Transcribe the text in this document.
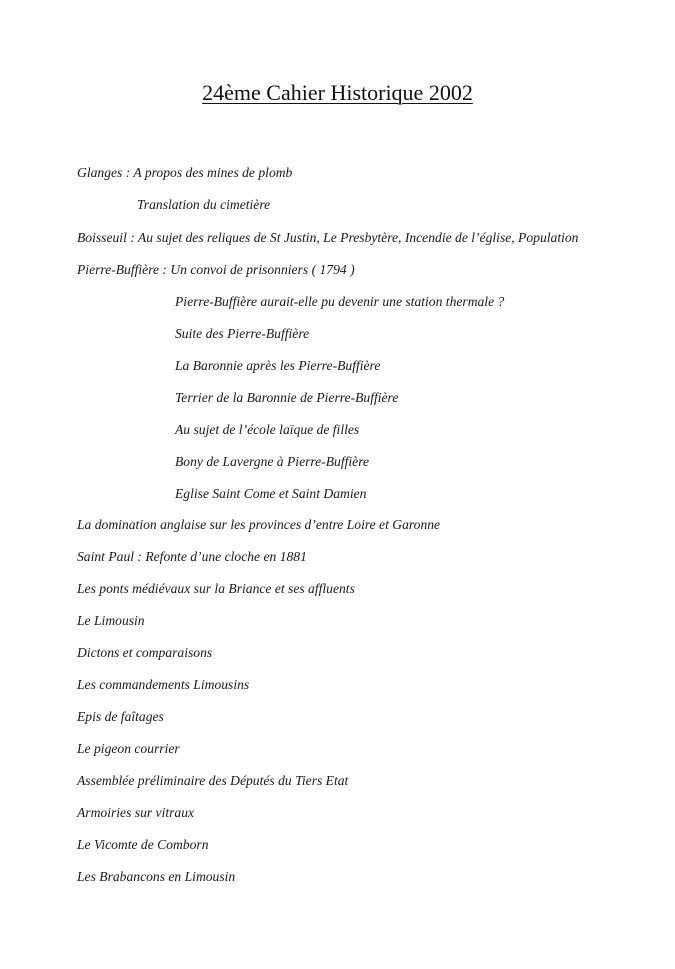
24ème Cahier Historique 2002
Glanges : A propos des mines de plomb
Translation du cimetière
Boisseuil : Au sujet des reliques de St Justin, Le Presbytère, Incendie de l’église, Population
Pierre-Buffière : Un convoi de prisonniers ( 1794 )
Pierre-Buffière aurait-elle pu devenir une station thermale ?
Suite des Pierre-Buffière
La Baronnie après les Pierre-Buffière
Terrier de la Baronnie de Pierre-Buffière
Au sujet de l’école laïque de filles
Bony de Lavergne à Pierre-Buffière
Eglise Saint Come et Saint Damien
La domination anglaise sur les provinces d’entre Loire et Garonne
Saint Paul : Refonte d’une cloche en 1881
Les ponts médiévaux sur la Briance et ses affluents
Le Limousin
Dictons et comparaisons
Les commandements Limousins
Epis de faîtages
Le pigeon courrier
Assemblée préliminaire des Députés du Tiers Etat
Armoiries sur vitraux
Le Vicomte de Comborn
Les Brabancons en Limousin
